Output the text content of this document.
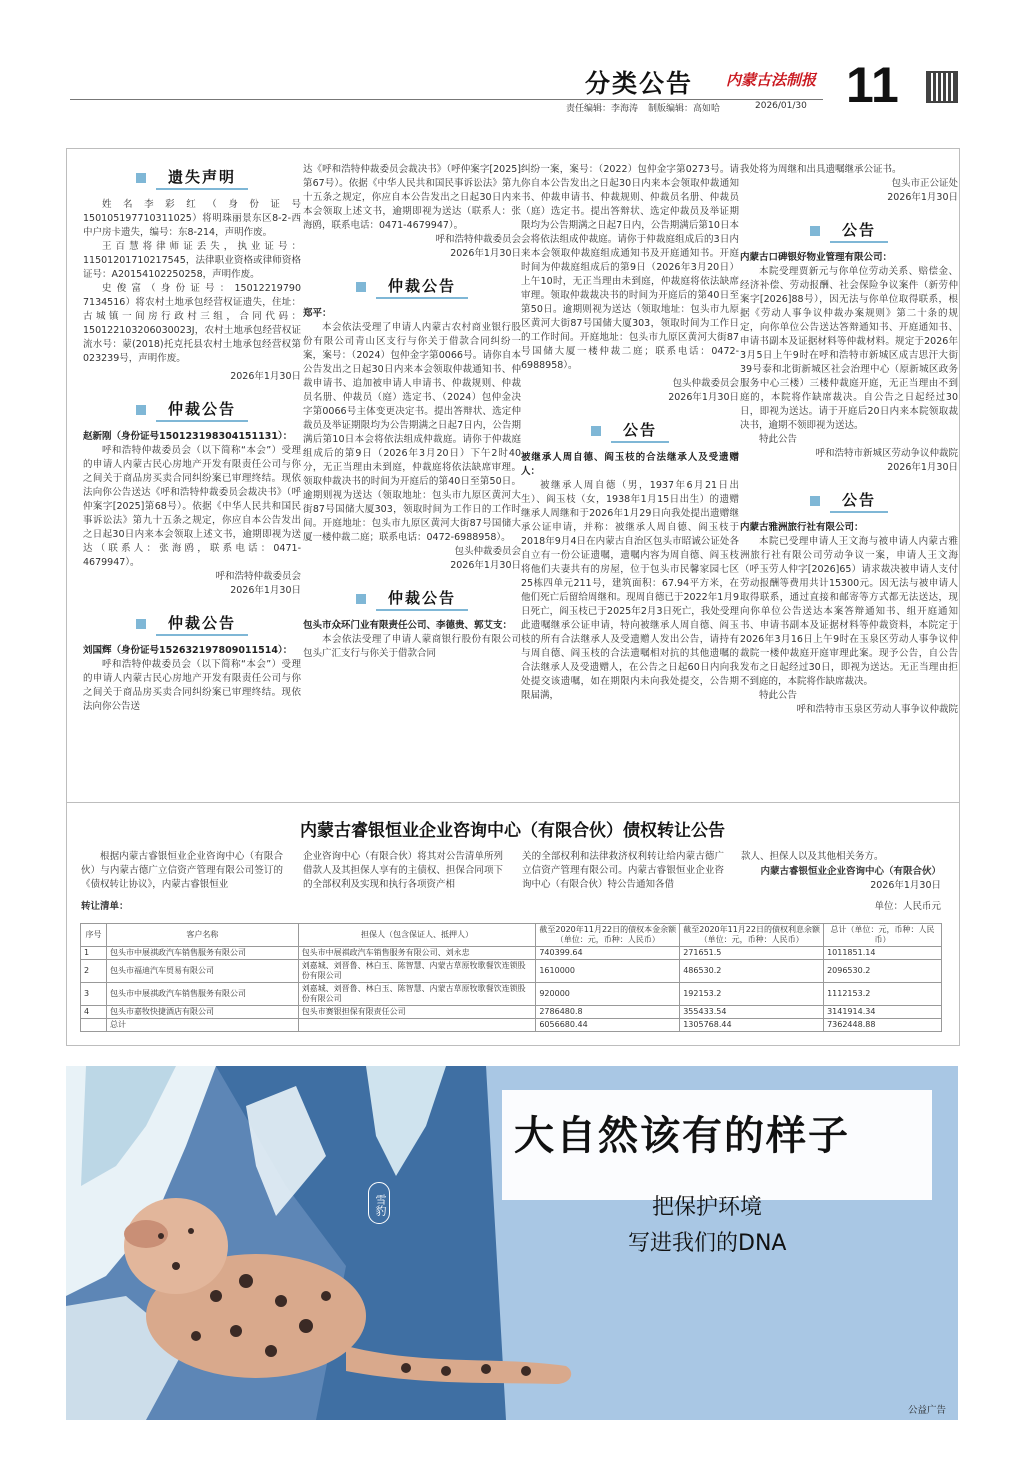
分类公告 内蒙古法制报 11
责任编辑：李海涛 制版编辑：高如哈	2026/01/30
遗失声明

姓名李彩红（身份证号150105197710311025）将明珠丽景东区8-2-西中户房卡遗失，编号：东8-214，声明作废。

王百慧将律师证丢失，执业证号：11501201710217545，法律职业资格或律师资格证号：A20154102250258，声明作废。

史俊富（身份证号：15012219790 7134516）将农村土地承包经营权证遗失，住址：古城镇一间房行政村三组，合同代码：150122103206030023J，农村土地承包经营权证流水号：蒙(2018)托克托县农村土地承包经营权第023239号，声明作废。

2026年1月30日

仲裁公告

赵新刚（身份证号150123198304151131）：

呼和浩特仲裁委员会（以下简称“本会”）受理的申请人内蒙古民心房地产开发有限责任公司与你之间关于商品房买卖合同纠纷案已审理终结。现依法向你公告送达《呼和浩特仲裁委员会裁决书》（呼仲案字[2025]第68号）。依据《中华人民共和国民事诉讼法》第九十五条之规定，你应自本公告发出之日起30日内来本会领取上述文书，逾期即视为送达（联系人：张海鸥，联系电话：0471-4679947）。

呼和浩特仲裁委员会

2026年1月30日

仲裁公告

刘国辉（身份证号152632197809011514）：

呼和浩特仲裁委员会（以下简称“本会”）受理的申请人内蒙古民心房地产开发有限责任公司与你之间关于商品房买卖合同纠纷案已审理终结。现依法向你公告送

达《呼和浩特仲裁委员会裁决书》（呼仲案字[2025]第67号）。依据《中华人民共和国民事诉讼法》第九十五条之规定，你应自本公告发出之日起30日内来本会领取上述文书，逾期即视为送达（联系人：张海鸥，联系电话：0471-4679947）。

呼和浩特仲裁委员会

2026年1月30日

仲裁公告

郑平：

本会依法受理了申请人内蒙古农村商业银行股份有限公司青山区支行与你关于借款合同纠纷一案，案号：（2024）包仲金字第0066号。请你自本公告发出之日起30日内来本会领取仲裁通知书、仲裁申请书、追加被申请人申请书、仲裁规则、仲裁员名册、仲裁员（庭）选定书、（2024）包仲金决字第0066号主体变更决定书。提出答辩状、选定仲裁员及举证期限均为公告期满之日起7日内，公告期满后第10日本会将依法组成仲裁庭。请你于仲裁庭组成后的第9日（2026年3月20日）下午2时40分，无正当理由未到庭，仲裁庭将依法缺席审理。领取仲裁决书的时间为开庭后的第40日至第50日。逾期则视为送达（领取地址：包头市九原区黄河大街87号国储大厦303，领取时间为工作日的工作时间。开庭地址：包头市九原区黄河大街87号国储大厦一楼仲裁二庭；联系电话：0472-6988958）。

包头仲裁委员会

2026年1月30日

仲裁公告

包头市众环门业有限责任公司、李德贵、郭艾支：

本会依法受理了申请人蒙商银行股份有限公司包头广汇支行与你关于借款合同

纠纷一案，案号：（2022）包仲金字第0273号。请你自本公告发出之日起30日内来本会领取仲裁通知书、仲裁申请书、仲裁规则、仲裁员名册、仲裁员（庭）选定书。提出答辩状、选定仲裁员及举证期限均为公告期满之日起7日内，公告期满后第10日本会将依法组成仲裁庭。请你于仲裁庭组成后的3日内来本会领取仲裁庭组成通知书及开庭通知书。开庭时间为仲裁庭组成后的第9日（2026年3月20日）上午10时，无正当理由未到庭，仲裁庭将依法缺席审理。领取仲裁裁决书的时间为开庭后的第40日至第50日。逾期则视为送达（领取地址：包头市九原区黄河大街87号国储大厦303，领取时间为工作日的工作时间。开庭地址：包头市九原区黄河大街87号国储大厦一楼仲裁二庭；联系电话：0472-6988958）。

包头仲裁委员会

2026年1月30日

公告

被继承人周自德、阎玉枝的合法继承人及受遗赠人：

被继承人周自德（男，1937年6月21日出生）、阎玉枝（女，1938年1月15日出生）的遗赠继承人周继和于2026年1月29日向我处提出遗赠继承公证申请，并称：被继承人周自德、阎玉枝于2018年9月4日在内蒙古自治区包头市昭诚公证处各自立有一份公证遗嘱，遗嘱内容为周自德、阎玉枝将他们夫妻共有的房屋，位于包头市民馨家园七区25栋四单元211号，建筑面积：67.94平方米，在他们死亡后留给周继和。现周自德已于2022年1月9日死亡，阎玉枝已于2025年2月3日死亡，我处受理此遗嘱继承公证申请，特向被继承人周自德、阎玉枝的所有合法继承人及受遗赠人发出公告，请持有与周自德、阎玉枝的合法遗嘱相对抗的其他遗嘱的合法继承人及受遗赠人，在公告之日起60日内向我处提交该遗嘱，如在期限内未向我处提交，公告期限届满，

我处将为周继和出具遗嘱继承公证书。

包头市正公证处

2026年1月30日

公告

内蒙古口碑银好物业管理有限公司：

本院受理贾新元与你单位劳动关系、赔偿金、经济补偿、劳动报酬、社会保险争议案件（新劳仲案字[2026]88号），因无法与你单位取得联系，根据《劳动人事争议仲裁办案规则》第二十条的规定，向你单位公告送达答辩通知书、开庭通知书、申请书副本及证据材料等仲裁材料。规定于2026年3月5日上午9时在呼和浩特市新城区成吉思汗大街39号泰和北街新城区社会治理中心（原新城区政务服务中心三楼）三楼仲裁庭开庭，无正当理由不到庭的，本院将作缺席裁决。自公告之日起经过30日，即视为送达。请于开庭后20日内来本院领取裁决书，逾期不领即视为送达。

特此公告

呼和浩特市新城区劳动争议仲裁院

2026年1月30日

公告

内蒙古雅洲旅行社有限公司：

本院已受理申请人王文海与被申请人内蒙古雅洲旅行社有限公司劳动争议一案，申请人王文海（呼玉劳人仲字[2026]65）请求裁决被申请人支付劳动报酬等费用共计15300元。因无法与被申请人取得联系，通过直接和邮寄等方式都无法送达，现向你单位公告送达本案答辩通知书、组开庭通知书、申请书副本及证据材料等仲裁资料，本院定于2026年3月16日上午9时在玉泉区劳动人事争议仲裁院一楼仲裁庭开庭审理此案。现予公告，自公告发布之日起经过30日，即视为送达。无正当理由拒不到庭的，本院将作缺席裁决。

特此公告

呼和浩特市玉泉区劳动人事争议仲裁院

内蒙古睿银恒业企业咨询中心（有限合伙）债权转让公告
根据内蒙古睿银恒业企业咨询中心（有限合伙）与内蒙古德广立信资产管理有限公司签订的《债权转让协议》，内蒙古睿银恒业
企业咨询中心（有限合伙）将其对公告清单所列借款人及其担保人享有的主债权、担保合同项下的全部权利及实现和执行各项资产相
关的全部权利和法律救济权利转让给内蒙古德广立信资产管理有限公司。内蒙古睿银恒业企业咨询中心（有限合伙）特公告通知各借
款人、担保人以及其他相关务方。
内蒙古睿银恒业企业咨询中心（有限合伙）
2026年1月30日
转让清单：	单位：人民币元
序号	客户名称	担保人（包含保证人、抵押人）	截至2020年11月22日的债权本金余额（单位：元，币种：人民币）	截至2020年11月22日的债权利息余额（单位：元，币种：人民币）	总计（单位：元，币种：人民币）
1	包头市中展祺政汽车销售服务有限公司	包头市中展祺政汽车销售服务有限公司、刘永忠	740399.64	271651.5	1011851.14
2	包头市福迪汽车贸易有限公司	刘嘉城、刘晋鲁、林白玉、陈智慧、内蒙古草原牧歌餐饮连锁股份有限公司	1610000	486530.2	2096530.2
3	包头市中展祺政汽车销售服务有限公司	刘嘉城、刘晋鲁、林白玉、陈智慧、内蒙古草原牧歌餐饮连锁股份有限公司	920000	192153.2	1112153.2
4	包头市嘉牧快捷酒店有限公司	包头市赛银担保有限责任公司	2786480.8	355433.54	3141914.34
	总计		6056680.44	1305768.44	7362448.88
大自然该有的样子
把保护环境
写进我们的DNA
雪豹
公益广告
